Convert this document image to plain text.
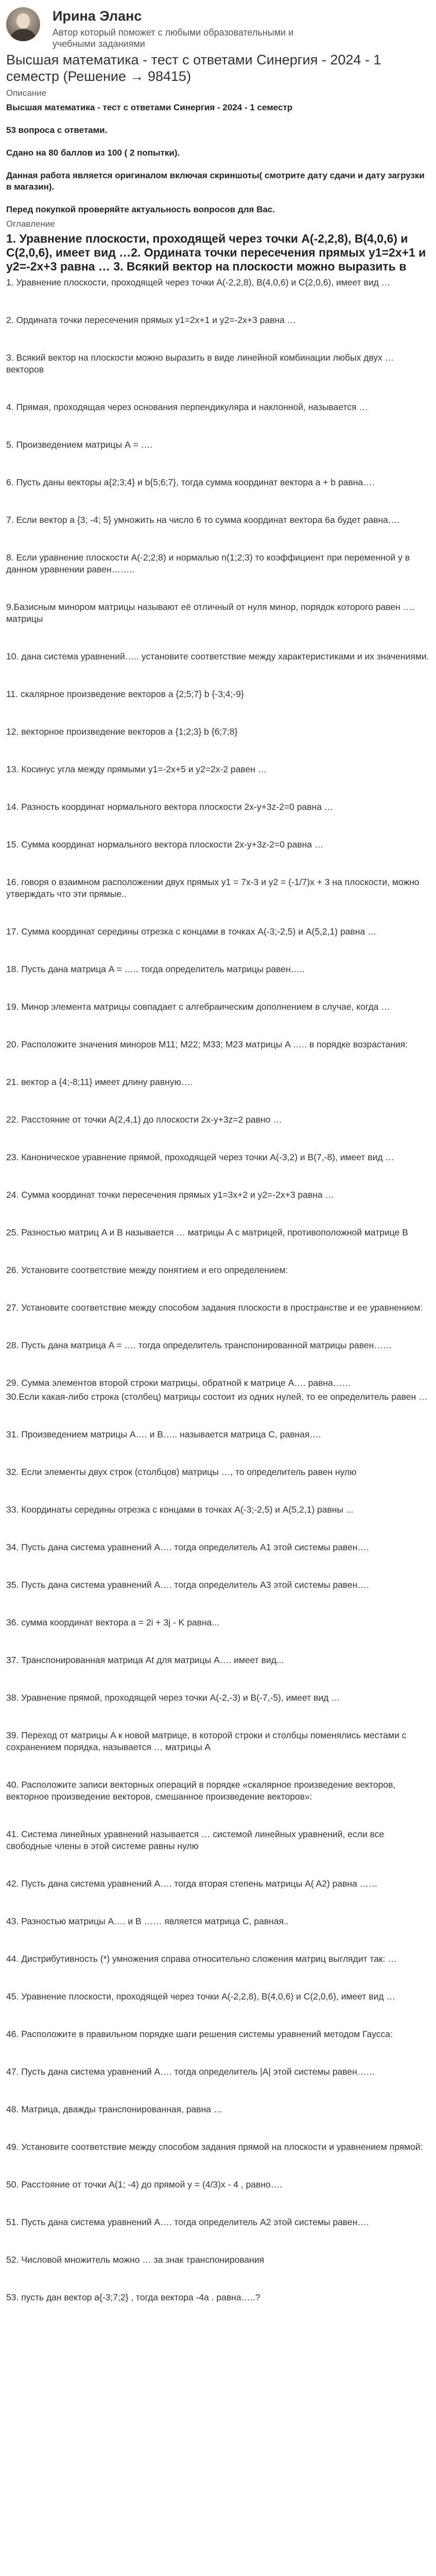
Ирина Эланс
Автор который поможет с любыми образовательными и учебными заданиями
Высшая математика - тест с ответами Синергия - 2024 - 1 семестр (Решение → 98415)
Описание
Высшая математика - тест с ответами Синергия - 2024 - 1 семестр
53 вопроса с ответами.
Сдано на 80 баллов из 100 ( 2 попытки).
Данная работа является оригиналом включая скриншоты( смотрите дату сдачи и дату загрузки в магазин).
Перед покупкой проверяйте актуальность вопросов для Вас.
Оглавление
1. Уравнение плоскости, проходящей через точки А(-2,2,8), В(4,0,6) и С(2,0,6), имеет вид …2. Ордината точки пересечения прямых y1=2x+1 и y2=-2x+3 равна … 3. Всякий вектор на плоскости можно выразить в
1. Уравнение плоскости, проходящей через точки А(-2,2,8), В(4,0,6) и С(2,0,6), имеет вид …
2. Ордината точки пересечения прямых y1=2x+1 и y2=-2x+3 равна …
3. Всякий вектор на плоскости можно выразить в виде линейной комбинации любых двух … векторов
4. Прямая, проходящая через основания перпендикуляра и наклонной, называется …
5. Произведением матрицы А = ….
6. Пусть даны векторы a{2;3;4} и b{5;6;7}, тогда сумма координат вектора a + b равна….
7. Если вектор a {3; -4; 5} умножить на число 6 то сумма координат вектора 6a будет равна….
8. Если уравнение плоскости A(-2;2;8) и нормалью n(1;2;3) то коэффициент при переменной y в данном уравнении равен……..
9.Базисным минором матрицы называют её отличный от нуля минор, порядок которого равен …. матрицы
10. дана система уравнений….. установите соответствие между характеристиками и их значениями.
11. скалярное произведение векторов a {2;5;7} b {-3;4;-9}
12. векторное произведение векторов a {1;2;3} b {6;7;8}
13. Косинус угла между прямыми y1=-2x+5 и y2=2x-2 равен …
14. Разность координат нормального вектора плоскости 2x-y+3z-2=0 равна …
15. Сумма координат нормального вектора плоскости 2x-y+3z-2=0 равна …
16. говоря о взаимном расположении двух прямых y1 = 7x-3 и y2 = (-1/7)x + 3 на плоскости, можно утверждать что эти прямые..
17. Сумма координат середины отрезка с концами в точках A(-3;-2,5) и A(5,2,1) равна …
18. Пусть дана матрица A = ….. тогда определитель матрицы равен…..
19. Минор элемента матрицы совпадает с алгебраическим дополнением в случае, когда …
20. Расположите значения миноров M11; M22; M33; M23 матрицы A ….. в порядке возрастания:
21. вектор a {4;-8;11} имеет длину равную….
22. Расстояние от точки A(2,4,1) до плоскости 2x-y+3z=2 равно …
23. Каноническое уравнение прямой, проходящей через точки A(-3,2) и B(7,-8), имеет вид …
24. Сумма координат точки пересечения прямых y1=3x+2 и y2=-2x+3 равна …
25. Разностью матриц A и B называется … матрицы A с матрицей, противоположной матрице B
26. Установите соответствие между понятием и его определением:
27. Установите соответствие между способом задания плоскости в пространстве и ее уравнением:
28. Пусть дана матрица A = …. тогда определитель транспонированной матрицы равен……
29. Сумма элементов второй строки матрицы, обратной к матрице A…. равна……
30.Если какая-либо строка (столбец) матрицы состоит из одних нулей, то ее определитель равен …
31. Произведением матрицы A…. и B….. называется матрица C, равная….
32. Если элементы двух строк (столбцов) матрицы …, то определитель равен нулю
33. Координаты середины отрезка с концами в точках A(-3;-2,5) и A(5,2,1) равны ...
34. Пусть дана система уравнений A…. тогда определитель A1 этой системы равен….
35. Пусть дана система уравнений A…. тогда определитель A3 этой системы равен….
36. сумма координат вектора a = 2i + 3j - K равна...
37. Транспонированная матрица At для матрицы A…. имеет вид...
38. Уравнение прямой, проходящей через точки A(-2,-3) и B(-7,-5), имеет вид …
39. Переход от матрицы A к новой матрице, в которой строки и столбцы поменялись местами с сохранением порядка, называется … матрицы A
40. Расположите записи векторных операций в порядке «скалярное произведение векторов, векторное произведение векторов, смешанное произведение векторов»:
41. Система линейных уравнений называется … системой линейных уравнений, если все свободные члены в этой системе равны нулю
42. Пусть дана система уравнений A…. тогда вторая степень матрицы A( A2) равна ……
43. Разностью матрицы A…. и B …… является матрица C, равная..
44. Дистрибутивность (*) умножения справа относительно сложения матриц выглядит так: …
45. Уравнение плоскости, проходящей через точки A(-2,2,8), B(4,0,6) и C(2,0,6), имеет вид …
46. Расположите в правильном порядке шаги решения системы уравнений методом Гаусса:
47. Пусть дана система уравнений A…. тогда определитель |A| этой системы равен……
48. Матрица, дважды транспонированная, равна …
49. Установите соответствие между способом задания прямой на плоскости и уравнением прямой:
50. Расстояние от точки A(1; -4) до прямой y = (4/3)x - 4 , равно….
51. Пусть дана система уравнений A…. тогда определитель A2 этой системы равен….
52. Числовой множитель можно … за знак транспонирования
53. пусть дан вектор a{-3;7;2} , тогда вектора -4a . равна…..?
